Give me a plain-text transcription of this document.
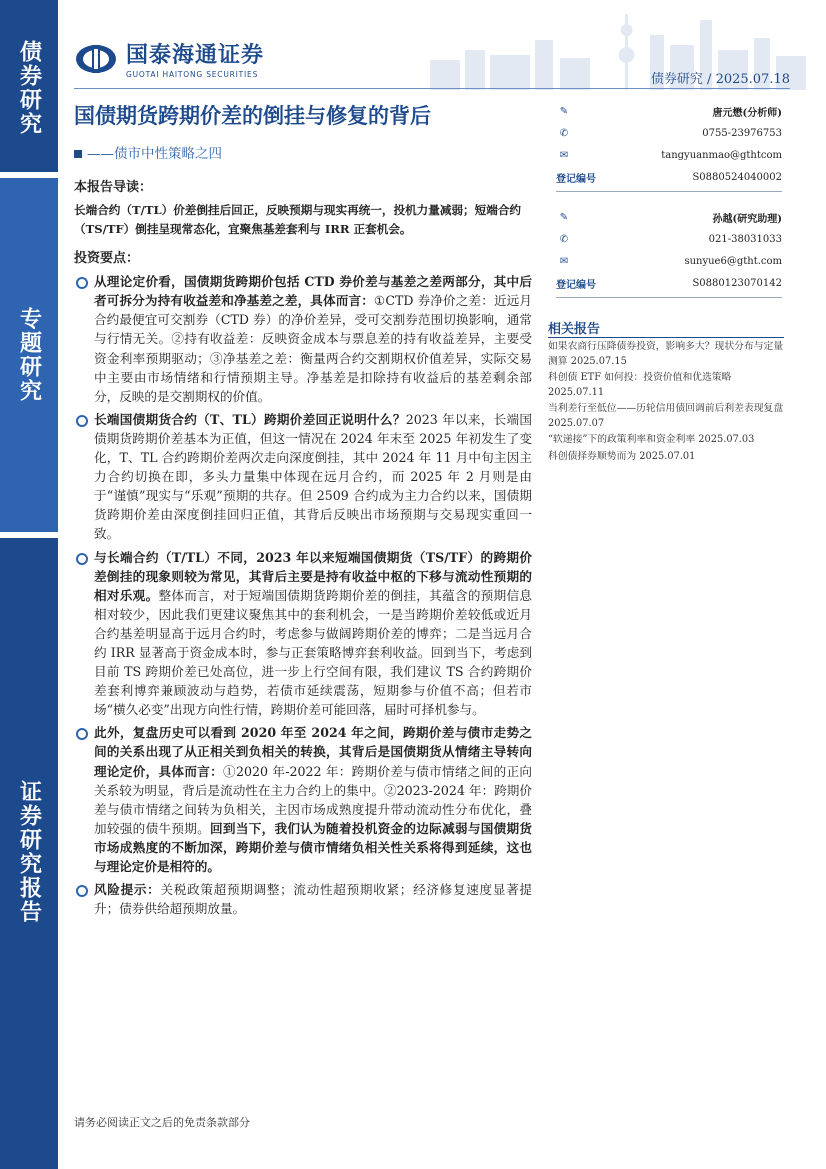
债券研究
专题研究
证券研究报告
国泰海通证券
GUOTAI HAITONG SECURITIES	债券研究 / 2025.07.18
国债期货跨期价差的倒挂与修复的背后
——债市中性策略之四
✎	唐元懋(分析师)
✆	0755-23976753
✉	tangyuanmao@gthtcom
登记编号	S0880524040002
✎	孙越(研究助理)
✆	021-38031033
✉	sunyue6@gtht.com
登记编号	S0880123070142
相关报告
如果农商行压降债券投资，影响多大？现状分布与定量测算 2025.07.15
科创债 ETF 如何投：投资价值和优选策略 2025.07.11
当利差行至低位——历轮信用债回调前后利差表现复盘 2025.07.07
“软递接”下的政策利率和资金利率 2025.07.03
科创债择券顺势而为 2025.07.01
本报告导读：
长端合约（T/TL）价差倒挂后回正，反映预期与现实再统一，投机力量减弱；短端合约（TS/TF）倒挂呈现常态化，宜聚焦基差套利与 IRR 正套机会。
投资要点：
从理论定价看，国债期货跨期价包括 CTD 券价差与基差之差两部分，其中后者可拆分为持有收益差和净基差之差，具体而言：①CTD 券净价之差：近远月合约最便宜可交割券（CTD 券）的净价差异，受可交割券范围切换影响，通常与行情无关。②持有收益差：反映资金成本与票息差的持有收益差异，主要受资金利率预期驱动；③净基差之差：衡量两合约交割期权价值差异，实际交易中主要由市场情绪和行情预期主导。净基差是扣除持有收益后的基差剩余部分，反映的是交割期权的价值。
长端国债期货合约（T、TL）跨期价差回正说明什么？2023 年以来，长端国债期货跨期价差基本为正值，但这一情况在 2024 年末至 2025 年初发生了变化，T、TL 合约跨期价差两次走向深度倒挂，其中 2024 年 11 月中旬主因主力合约切换在即，多头力量集中体现在远月合约，而 2025 年 2 月则是由于“谨慎”现实与“乐观”预期的共存。但 2509 合约成为主力合约以来，国债期货跨期价差由深度倒挂回归正值，其背后反映出市场预期与交易现实重回一致。
与长端合约（T/TL）不同，2023 年以来短端国债期货（TS/TF）的跨期价差倒挂的现象则较为常见，其背后主要是持有收益中枢的下移与流动性预期的相对乐观。整体而言，对于短端国债期货跨期价差的倒挂，其蕴含的预期信息相对较少，因此我们更建议聚焦其中的套利机会，一是当跨期价差较低或近月合约基差明显高于远月合约时，考虑参与做阔跨期价差的博弈；二是当远月合约 IRR 显著高于资金成本时，参与正套策略博弈套利收益。回到当下，考虑到目前 TS 跨期价差已处高位，进一步上行空间有限，我们建议 TS 合约跨期价差套利博弈兼顾波动与趋势，若债市延续震荡，短期参与价值不高；但若市场“横久必变”出现方向性行情，跨期价差可能回落，届时可择机参与。
此外，复盘历史可以看到 2020 年至 2024 年之间，跨期价差与债市走势之间的关系出现了从正相关到负相关的转换，其背后是国债期货从情绪主导转向理论定价，具体而言：①2020 年-2022 年：跨期价差与债市情绪之间的正向关系较为明显，背后是流动性在主力合约上的集中。②2023-2024 年：跨期价差与债市情绪之间转为负相关，主因市场成熟度提升带动流动性分布优化，叠加较强的债牛预期。回到当下，我们认为随着投机资金的边际减弱与国债期货市场成熟度的不断加深，跨期价差与债市情绪负相关性关系将得到延续，这也与理论定价是相符的。
风险提示：关税政策超预期调整；流动性超预期收紧；经济修复速度显著提升；债券供给超预期放量。
请务必阅读正文之后的免责条款部分
